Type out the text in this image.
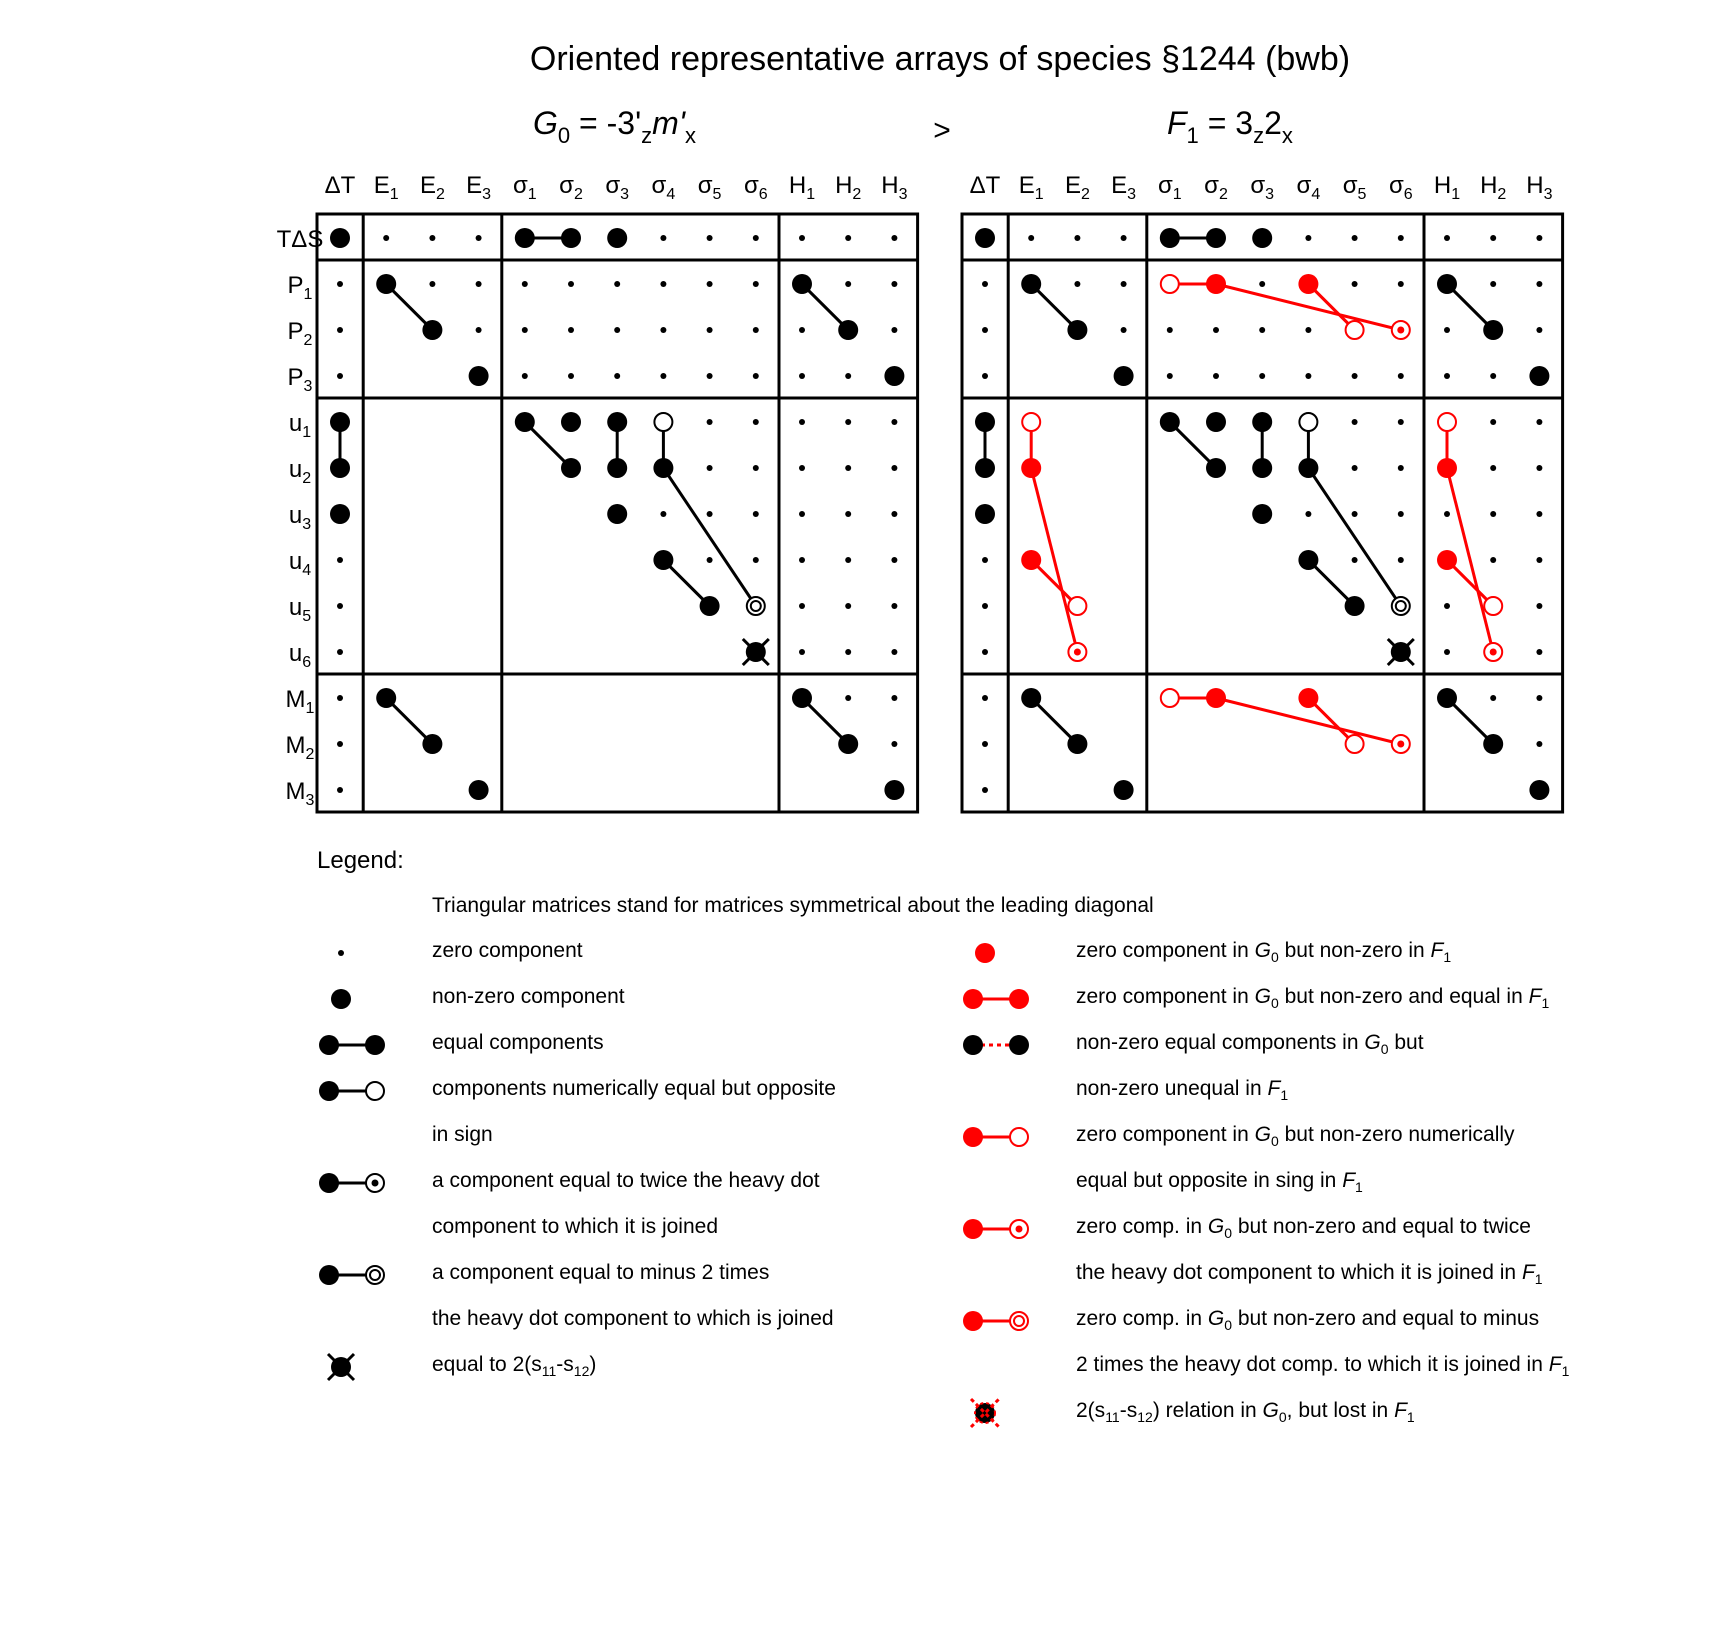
Oriented representative arrays of species §1244 (bwb)
G0 = -3'zm'x	F1 = 3z2x
>
ΔT E1 E2 E3 σ1 σ2 σ3 σ4 σ5 σ6 H1 H2 H3	ΔT E1 E2 E3 σ1 σ2 σ3 σ4 σ5 σ6 H1 H2 H3
TΔS
P1
P2
P3
u1
u2
u3
u4
u5
u6
M1
M2
M3
Legend:
Triangular matrices stand for matrices symmetrical about the leading diagonal
zero component
non-zero component
equal components
components numerically equal but opposite
in sign
a component equal to twice the heavy dot
component to which it is joined
a component equal to minus 2 times
the heavy dot component to which is joined
equal to $2(s_{11}-s_{12})$
zero component in $G_0$ but non-zero in $F_1$
zero component in $G_0$ but non-zero and equal in $F_1$
non-zero equal components in $G_0$ but
non-zero unequal in $F_1$
zero component in $G_0$ but non-zero numerically
equal but opposite in sing in $F_1$
zero comp. in $G_0$ but non-zero and equal to twice
the heavy dot component to which it is joined in $F_1$
zero comp. in $G_0$ but non-zero and equal to minus
2 times the heavy dot comp. to which it is joined in $F_1$
$2(s_{11}-s_{12})$ relation in $G_0$, but lost in $F_1$
